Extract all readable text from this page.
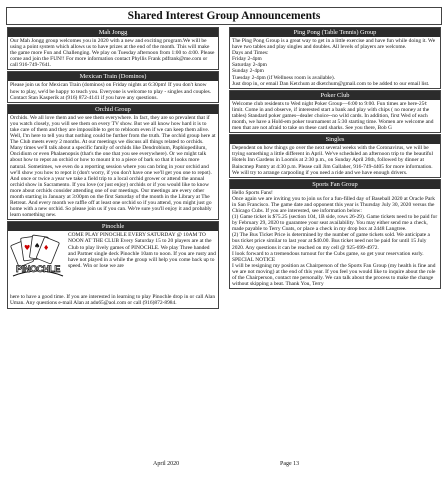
Shared Interest Group Announcements
Mah Jongg

Our Mah Jongg group welcomes you in 2020 with a new and exciting program.We will be using a point system which allows us to have prizes at the end of the month. This will make the game more Fun and Challenging. We play on Tuesday afternoon from 1:00 to 4:00. Please come and join the FUN!! For more information contact Phyllis Frank pdfrank@me.com or call 916-749-7641.

Mexican Train (Dominos)

Please join us for Mexican Train (dominos) on Friday nights at 6:30pm! If you don't know how to play, we'd be happy to teach you. Everyone is welcome to play - singles and couples. Contact Stan Kasperik at (916) 872-4141 if you have any questions.

Orchid Group

Orchids. We all love them and we see them everywhere. In fact, they are so prevalent that if you watch closely, you will see them on every TV show. But we all know how hard it is to take care of them and they are impossible to get to rebloom even if we can keep them alive. Well, I'm here to tell you that nothing could be further from the truth. The orchid group here at The Club meets every 2 months. At our meetings we discuss all things related to orchids. Many times we'll talk about a specific family of orchids like Dendrobium, Paphiopedilum, Oncidium or even Phalaenopsis (that's the one that you see everywhere). Or we might talk about how to repot an orchid or how to mount it to a piece of bark so that it looks more natural. Sometimes, we even do a reporting session where you can bring in your orchid and we'll show you how to repot it (don't worry, if you don't have one we'll get you one to repot). And once or twice a year we take a field trip to a local orchid grower or attend the annual orchid show in Sacramento. If you love (or just enjoy) orchids or if you would like to know more about orchids consider attending one of our meetings. Our meetings are every other month starting in January at 3:00pm on the first Saturday of the month in the Library at The Retreat. And every month we raffle off at least one orchid so if you attend, you might just go home with a new orchid. So please join us if you can. We're sure you'll enjoy it and probably learn something new.

Pinochle
♥ ♠ ♦
PINOCHLE

COME PLAY PINOCHLE EVERY SATURDAY @ 10AM TO NOON AT THE CLUB Every Saturday 15 to 20 players are at the Club to play lively games of PINOCHLE. We play Three handed and Partner single deck Pinochle 10am to noon. If you are rusty and have not played in a while the group will help you come back up to speed. Win or lose we are

here to have a good time. If you are interested in learning to play Pinochle drop in or call Alan Uman. Any questions e-mail Alan at adu65@aol.com or call (916)872-8984.

Ping Pong (Table Tennis) Group

The Ping Pong Group is a great way to get in a little exercise and have fun while doing it. We have two tables and play singles and doubles. All levels of players are welcome.

Days and Times:

Friday 2-4pm

Saturday 2-4pm

Sunday 2-4pm

Tuesday 2-4pm (if Wellness room is available).

Just drop in, or email Dan Ketchum at dketchum@gmail.com to be added to our email list.

Poker Club

Welcome club residents to Wed night Poker Group—6:00 to 9:00. Fun times are here-25¢ limit. Come in and observe, if interested start a bank and play with chips ( no money at the tables) Standard poker games--dealer choice--no wild cards. In addition, first Wed of each month, we have a Hold-em poker tournament at 5:30 starting time. Women are welcome and men that are not afraid to take on these card sharks. See you there, Bob G

Singles

Dependent on how things go over the next several weeks with the Coronavirus, we will be trying something a little different in April. We've scheduled an afternoon trip to the beautiful Hotels Inn Gardens in Loomis at 2:30 p.m., on Sunday April 26th, followed by dinner at Baincmep Pantry at 4:30 p.m. Please call Jim Gallaher, 916-749-4405 for more information. We will try to arrange carpooling if you need a ride and we have enough drivers.

Sports Fan Group

Hello Sports Fans!

Once again we are inviting you to join us for a fun-filled day of Baseball 2020 at Oracle Park in San Francisco. The game date and opponent this year is Thursday July 30, 2020 versus the Chicago Cubs. If you are interested, see information below:

(1) Game ticket is $75.25 (section 104, 1B side, rows 26-29). Game tickets need to be paid for by February 29, 2020 to guarantee your seat availability. You may either send me a check, made payable to Terry Coats, or place a check in my drop box at 2448 Langtree.

(2) The Bus Ticket Price is determined by the number of game tickets sold. We anticipate a bus ticket price similar to last year at $40.00. Bus ticket need not be paid for until 15 July 2020. Any questions it can be reached on my cell @ 925-699-4972.

I look forward to a tremendous turnout for the Cubs game, so get your reservation early.

SPECIAL NOTICE

I will be resigning my position as Chairperson of the Sports Fan Group (my health is fine and we are not moving) at the end of this year. If you feel you would like to inquire about the role of the Chairperson, contact me personally. We can talk about the process to make the change without skipping a beat. Thank You, Terry

April 2020	Page 13
